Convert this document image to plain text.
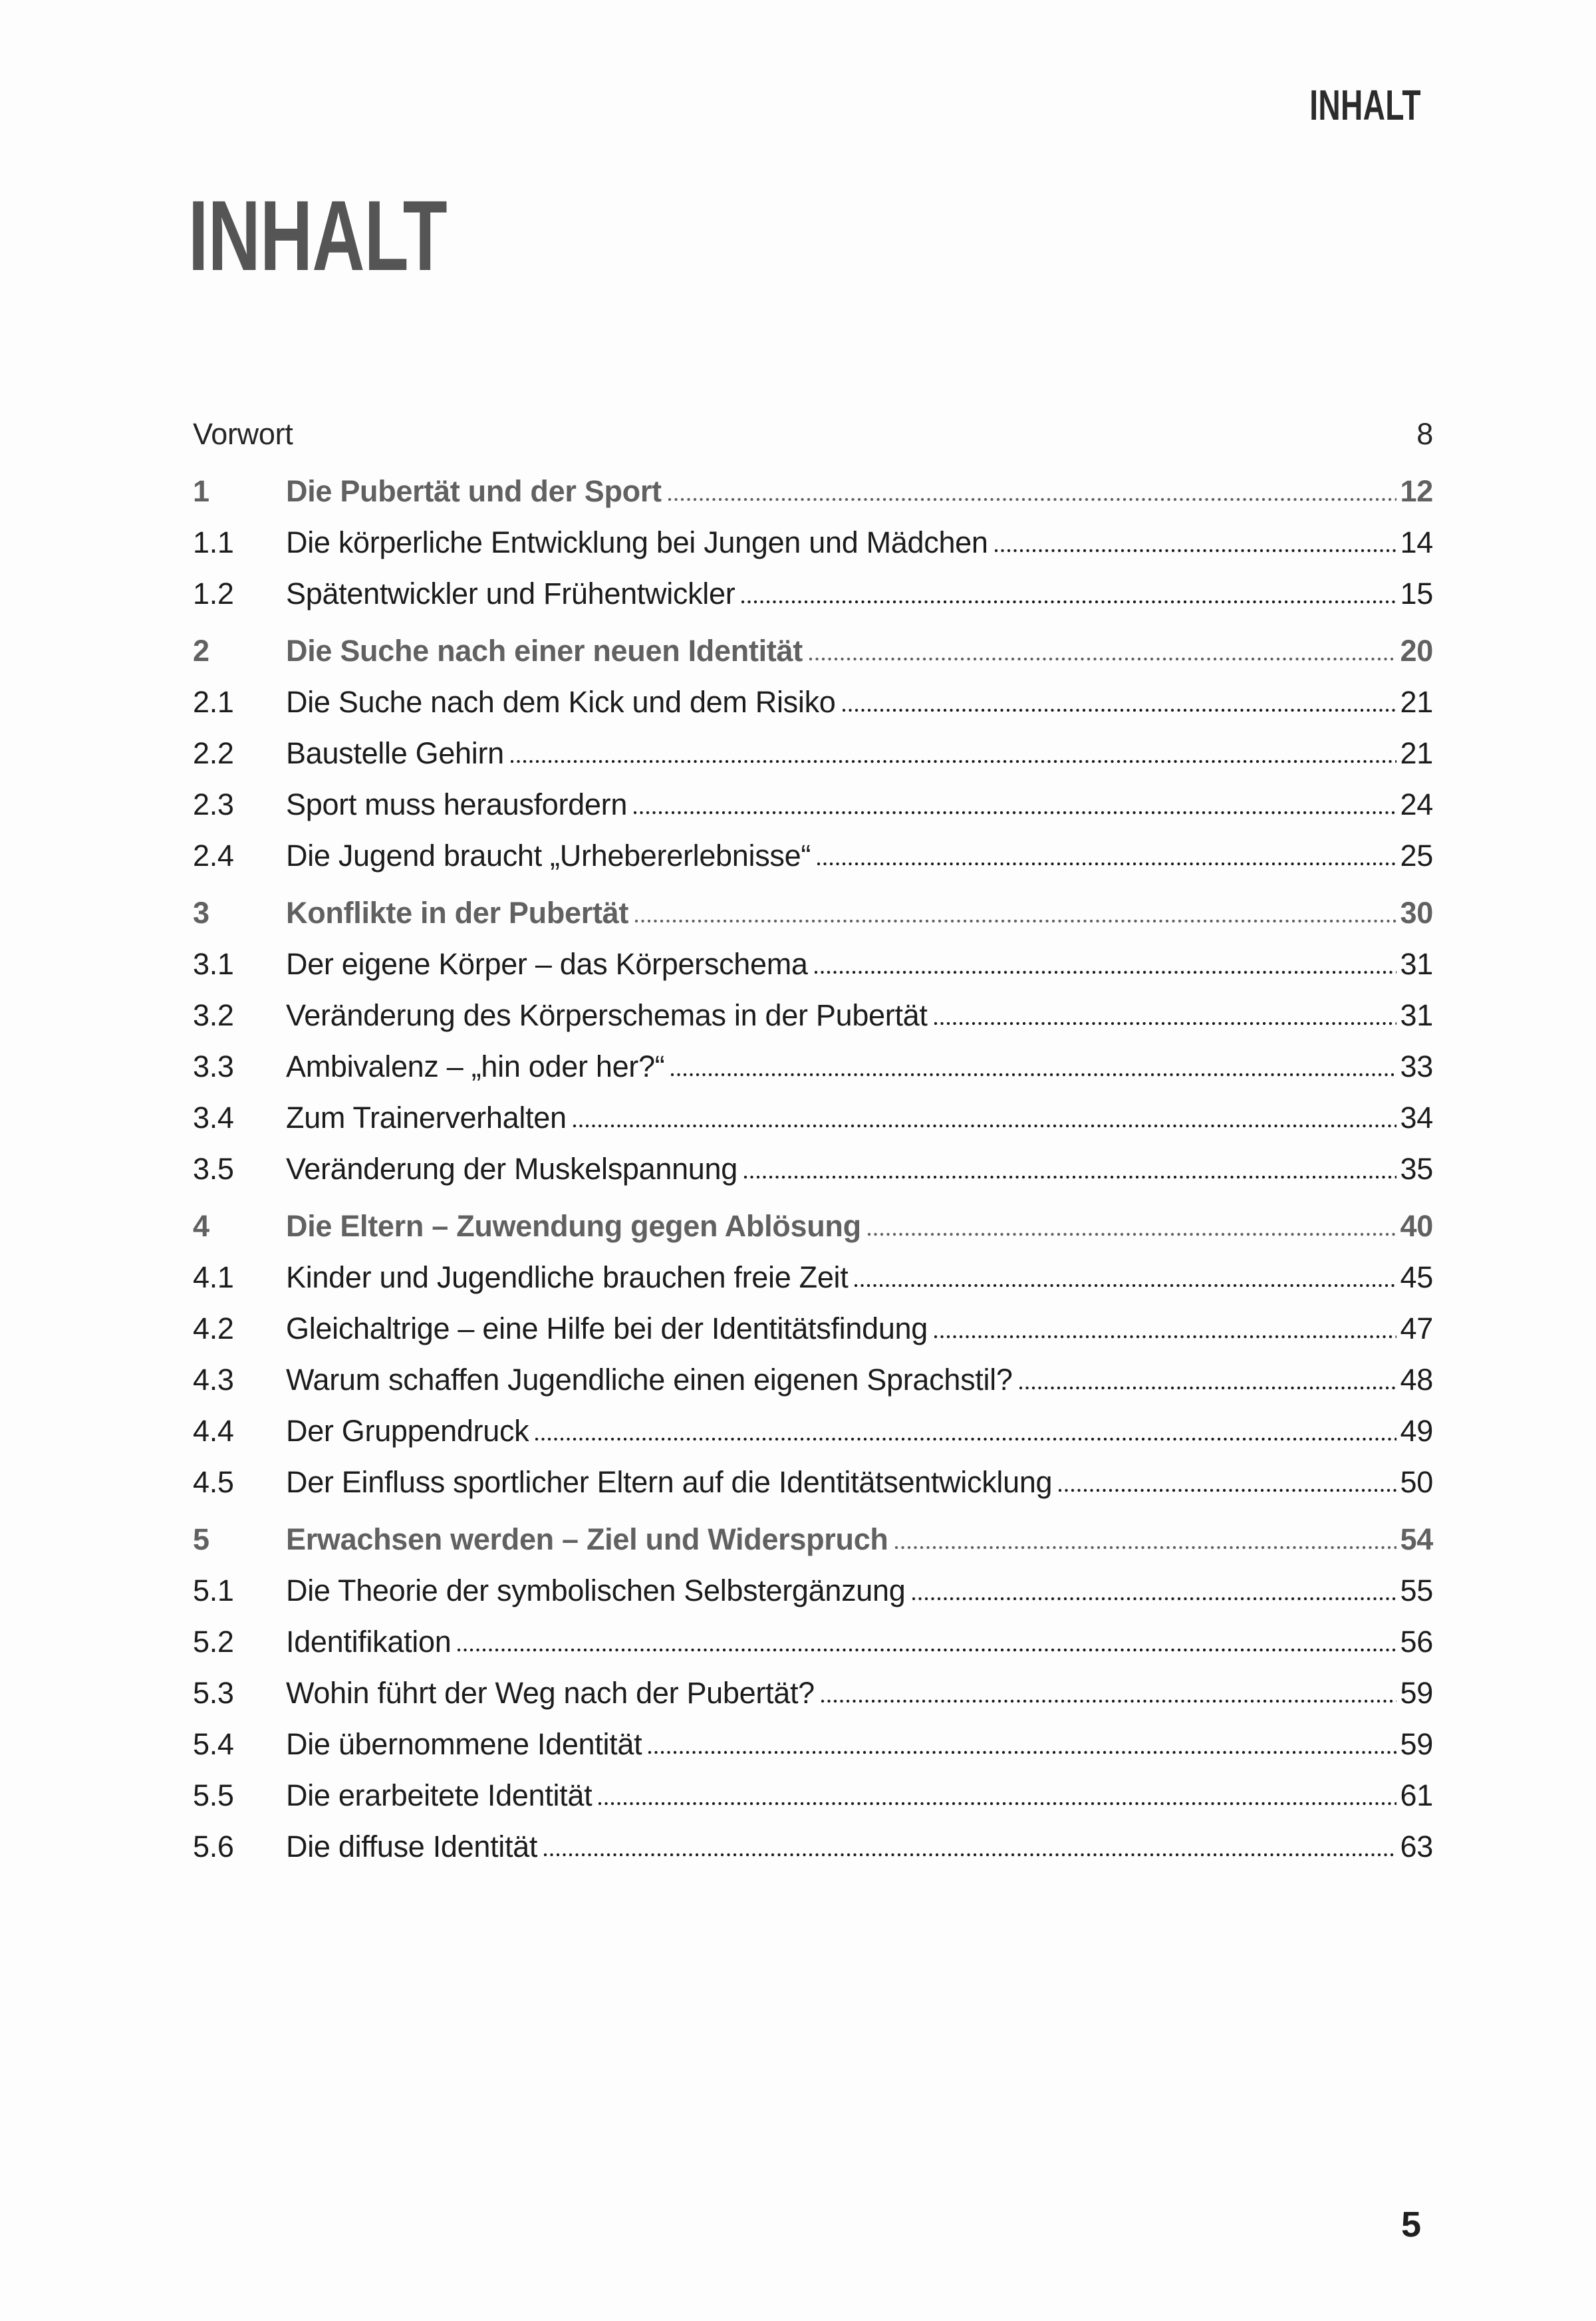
INHALT
INHALT
Vorwort	8
1	Die Pubertät und der Sport	12
1.1	Die körperliche Entwicklung bei Jungen und Mädchen	14
1.2	Spätentwickler und Frühentwickler	15
2	Die Suche nach einer neuen Identität	20
2.1	Die Suche nach dem Kick und dem Risiko	21
2.2	Baustelle Gehirn	21
2.3	Sport muss herausfordern	24
2.4	Die Jugend braucht „Urhebererlebnisse“	25
3	Konflikte in der Pubertät	30
3.1	Der eigene Körper – das Körperschema	31
3.2	Veränderung des Körperschemas in der Pubertät	31
3.3	Ambivalenz – „hin oder her?“	33
3.4	Zum Trainerverhalten	34
3.5	Veränderung der Muskelspannung	35
4	Die Eltern – Zuwendung gegen Ablösung	40
4.1	Kinder und Jugendliche brauchen freie Zeit	45
4.2	Gleichaltrige – eine Hilfe bei der Identitätsfindung	47
4.3	Warum schaffen Jugendliche einen eigenen Sprachstil?	48
4.4	Der Gruppendruck	49
4.5	Der Einfluss sportlicher Eltern auf die Identitätsentwicklung	50
5	Erwachsen werden – Ziel und Widerspruch	54
5.1	Die Theorie der symbolischen Selbstergänzung	55
5.2	Identifikation	56
5.3	Wohin führt der Weg nach der Pubertät?	59
5.4	Die übernommene Identität	59
5.5	Die erarbeitete Identität	61
5.6	Die diffuse Identität	63
5
